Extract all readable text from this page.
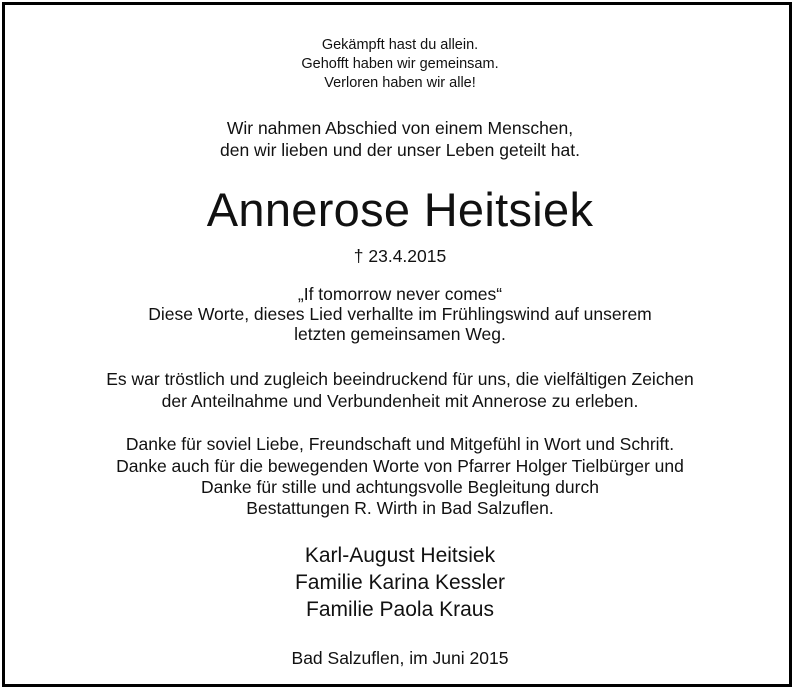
Gekämpft hast du allein.
Gehofft haben wir gemeinsam.
Verloren haben wir alle!
Wir nahmen Abschied von einem Menschen,
den wir lieben und der unser Leben geteilt hat.
Annerose Heitsiek
† 23.4.2015
„If tomorrow never comes“
Diese Worte, dieses Lied verhallte im Frühlingswind auf unserem
letzten gemeinsamen Weg.
Es war tröstlich und zugleich beeindruckend für uns, die vielfältigen Zeichen
der Anteilnahme und Verbundenheit mit Annerose zu erleben.
Danke für soviel Liebe, Freundschaft und Mitgefühl in Wort und Schrift.
Danke auch für die bewegenden Worte von Pfarrer Holger Tielbürger und
Danke für stille und achtungsvolle Begleitung durch
Bestattungen R. Wirth in Bad Salzuflen.
Karl-August Heitsiek
Familie Karina Kessler
Familie Paola Kraus
Bad Salzuflen, im Juni 2015
